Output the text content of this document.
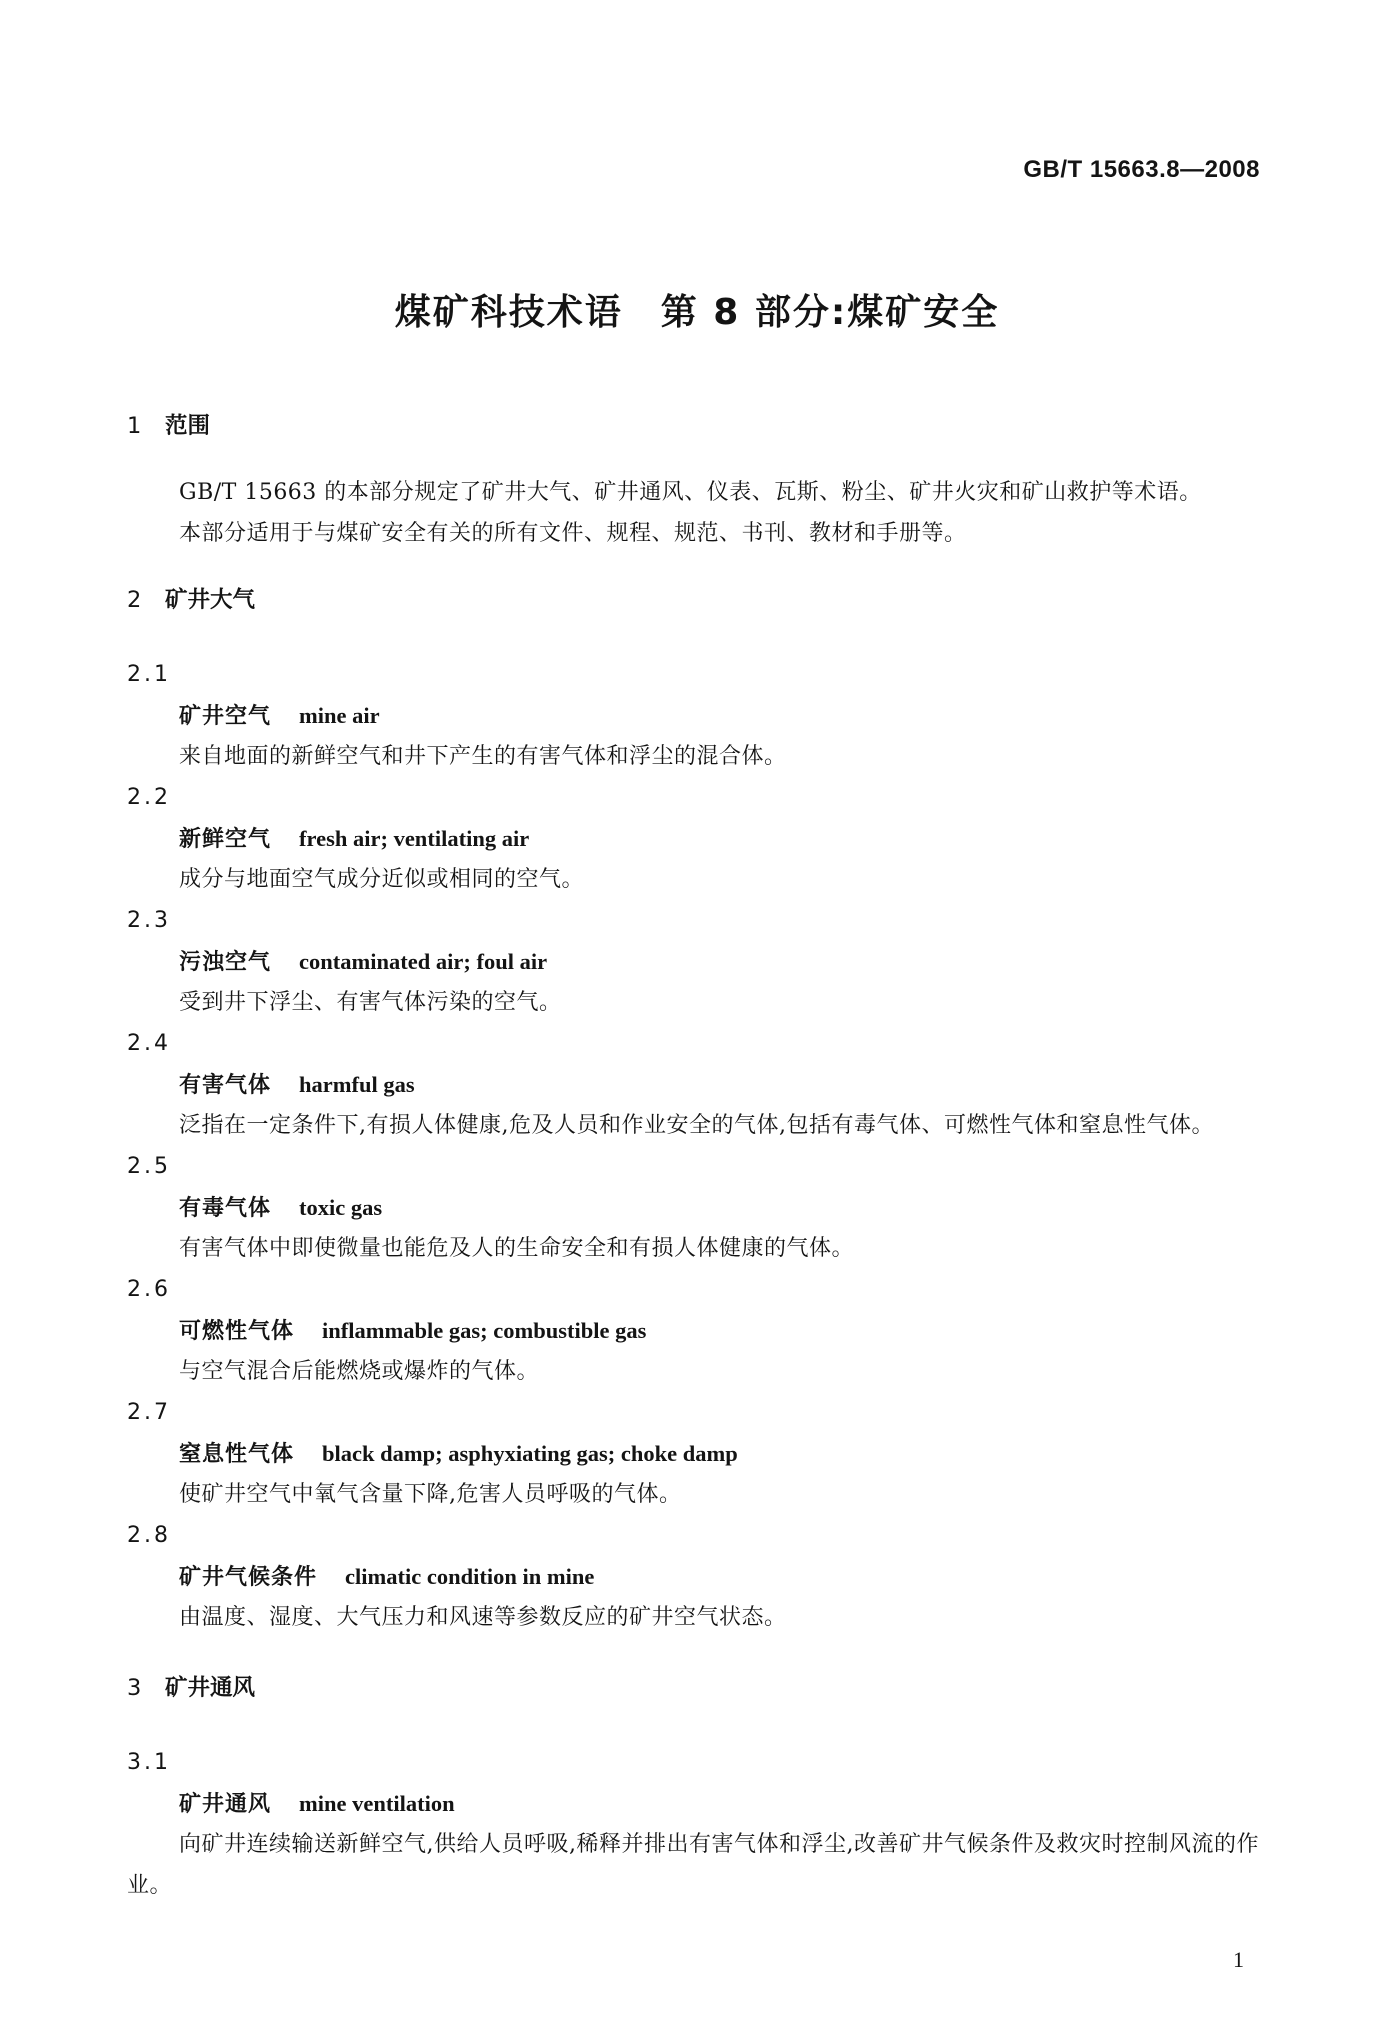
GB/T 15663.8—2008
煤矿科技术语　第 8 部分:煤矿安全
1 范围
GB/T 15663 的本部分规定了矿井大气、矿井通风、仪表、瓦斯、粉尘、矿井火灾和矿山救护等术语。
本部分适用于与煤矿安全有关的所有文件、规程、规范、书刊、教材和手册等。
2 矿井大气
2.1
矿井空气 mine air
来自地面的新鲜空气和井下产生的有害气体和浮尘的混合体。
2.2
新鲜空气 fresh air; ventilating air
成分与地面空气成分近似或相同的空气。
2.3
污浊空气 contaminated air; foul air
受到井下浮尘、有害气体污染的空气。
2.4
有害气体 harmful gas
泛指在一定条件下,有损人体健康,危及人员和作业安全的气体,包括有毒气体、可燃性气体和窒息性气体。
2.5
有毒气体 toxic gas
有害气体中即使微量也能危及人的生命安全和有损人体健康的气体。
2.6
可燃性气体 inflammable gas; combustible gas
与空气混合后能燃烧或爆炸的气体。
2.7
窒息性气体 black damp; asphyxiating gas; choke damp
使矿井空气中氧气含量下降,危害人员呼吸的气体。
2.8
矿井气候条件 climatic condition in mine
由温度、湿度、大气压力和风速等参数反应的矿井空气状态。
3 矿井通风
3.1
矿井通风 mine ventilation
向矿井连续输送新鲜空气,供给人员呼吸,稀释并排出有害气体和浮尘,改善矿井气候条件及救灾时控制风流的作业。
1
